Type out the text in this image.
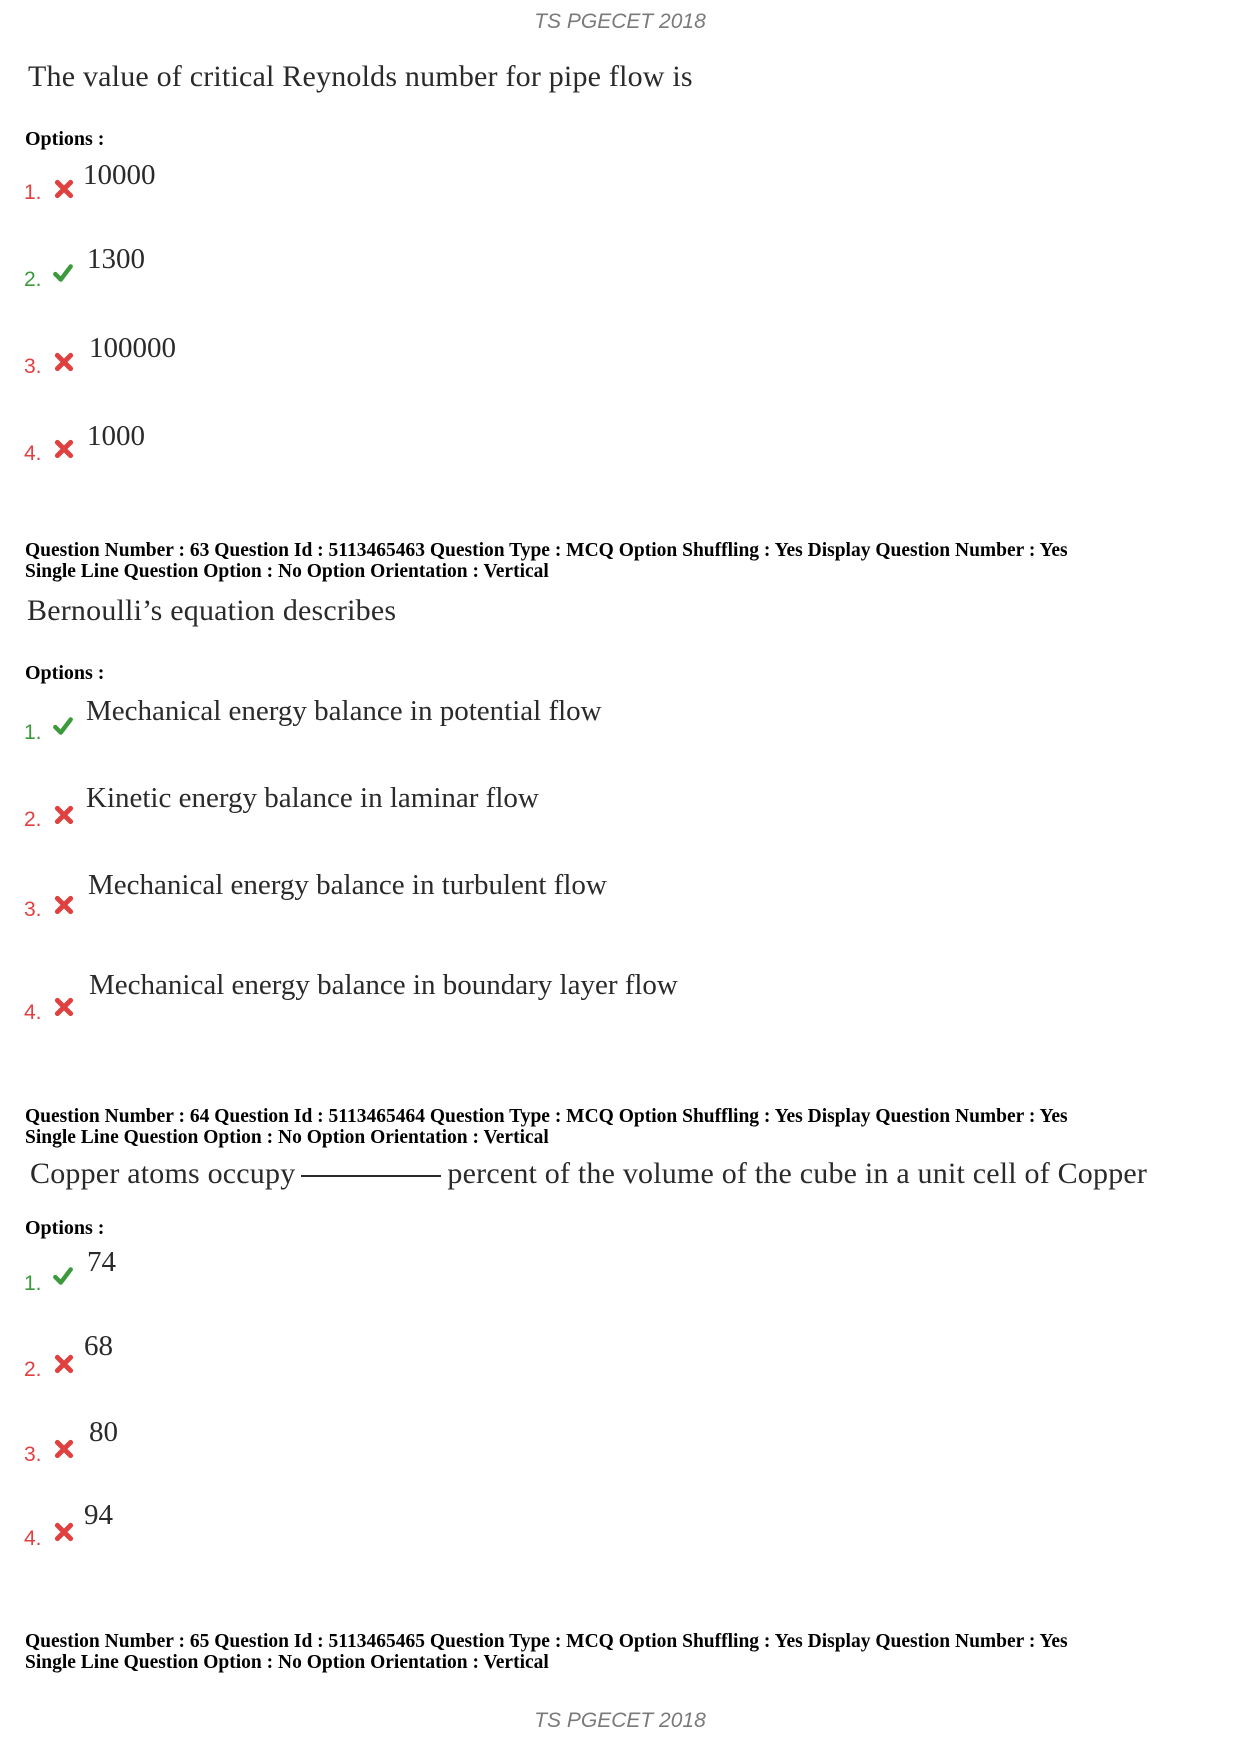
TS PGECET 2018
The value of critical Reynolds number for pipe flow is
Options :
1.
10000
2.
1300
3.
100000
4.
1000
Question Number : 63 Question Id : 5113465463 Question Type : MCQ Option Shuffling : Yes Display Question Number : Yes
Single Line Question Option : No Option Orientation : Vertical
Bernoulli’s equation describes
Options :
1.
Mechanical energy balance in potential flow
2.
Kinetic energy balance in laminar flow
3.
Mechanical energy balance in turbulent flow
4.
Mechanical energy balance in boundary layer flow
Question Number : 64 Question Id : 5113465464 Question Type : MCQ Option Shuffling : Yes Display Question Number : Yes
Single Line Question Option : No Option Orientation : Vertical
Copper atoms occupy	percent of the volume of the cube in a unit cell of Copper
Options :
1.
74
2.
68
3.
80
4.
94
Question Number : 65 Question Id : 5113465465 Question Type : MCQ Option Shuffling : Yes Display Question Number : Yes
Single Line Question Option : No Option Orientation : Vertical
TS PGECET 2018
